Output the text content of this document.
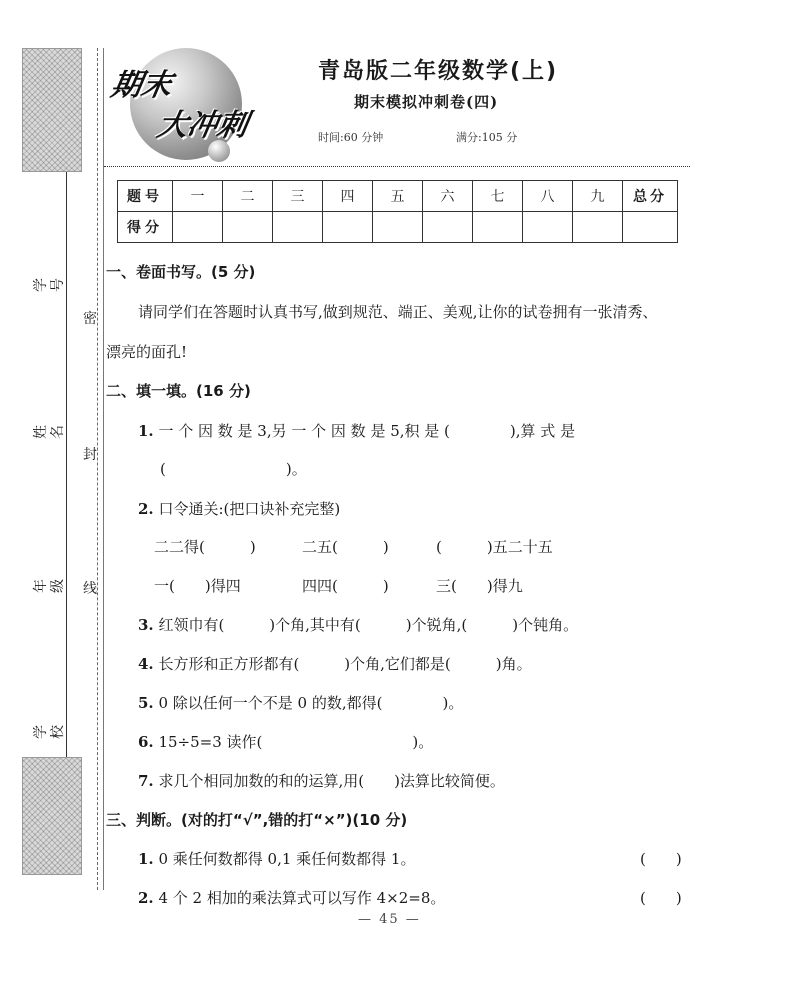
学号
姓名
年级
学校
密
封
线
期末
大冲刺
青岛版二年级数学(上)
期末模拟冲刺卷(四)
时间:60 分钟	满分:105 分
题号	一	二	三	四	五	六	七	八	九	总分
得分										
一、卷面书写。(5 分)
请同学们在答题时认真书写,做到规范、端正、美观,让你的试卷拥有一张清秀、
漂亮的面孔!
二、填一填。(16 分)
1. 一 个 因 数 是 3,另 一 个 因 数 是 5,积 是 (　　　　),算 式 是
(　　　　　　　　)。
2. 口令通关:(把口诀补充完整)
二二得(　　　)	二五(　　　)	(　　　)五二十五
一(　　)得四	四四(　　　)	三(　　)得九
3. 红领巾有(　　　)个角,其中有(　　　)个锐角,(　　　)个钝角。
4. 长方形和正方形都有(　　　)个角,它们都是(　　　)角。
5. 0 除以任何一个不是 0 的数,都得(　　　　)。
6. 15÷5=3 读作(　　　　　　　　　　)。
7. 求几个相同加数的和的运算,用(　　)法算比较简便。
三、判断。(对的打“√”,错的打“×”)(10 分)
1. 0 乘任何数都得 0,1 乘任何数都得 1。	(　　)
2. 4 个 2 相加的乘法算式可以写作 4×2=8。	(　　)
— 45 —
